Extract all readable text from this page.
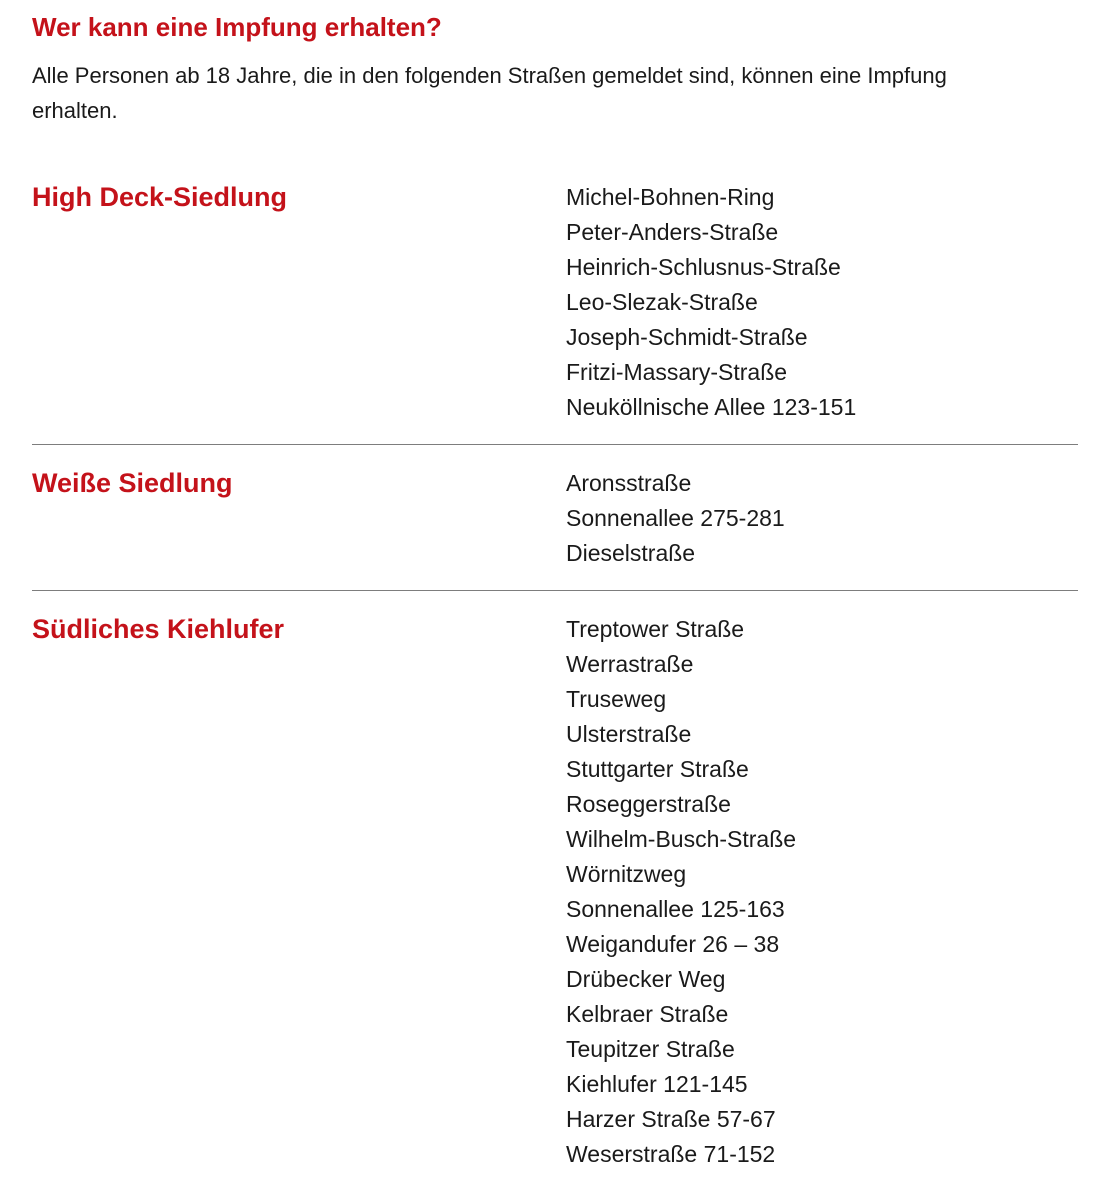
Wer kann eine Impfung erhalten?

Alle Personen ab 18 Jahre, die in den folgenden Straßen gemeldet sind, können eine Impfung erhalten.

High Deck-Siedlung	Michel-Bohnen-Ring
Peter-Anders-Straße
Heinrich-Schlusnus-Straße
Leo-Slezak-Straße
Joseph-Schmidt-Straße
Fritzi-Massary-Straße
Neuköllnische Allee 123-151
Weiße Siedlung	Aronsstraße
Sonnenallee 275-281
Dieselstraße
Südliches Kiehlufer	Treptower Straße
Werrastraße
Truseweg
Ulsterstraße
Stuttgarter Straße
Roseggerstraße
Wilhelm-Busch-Straße
Wörnitzweg
Sonnenallee 125-163
Weigandufer 26 – 38
Drübecker Weg
Kelbraer Straße
Teupitzer Straße
Kiehlufer 121-145
Harzer Straße 57-67
Weserstraße 71-152
